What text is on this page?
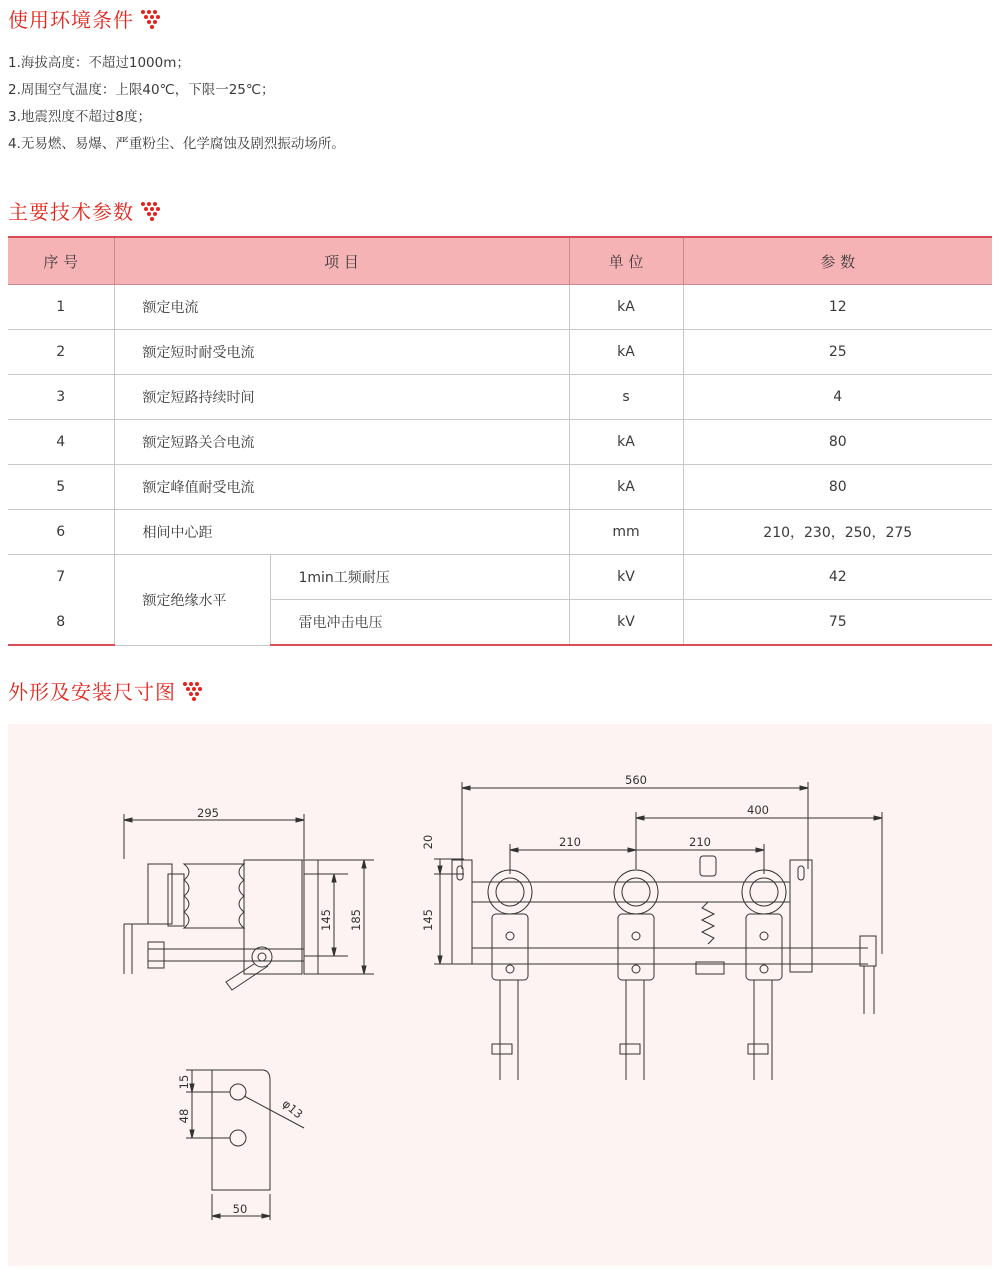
使用环境条件
1.海拔高度：不超过1000m；
2.周围空气温度：上限40℃，下限一25℃；
3.地震烈度不超过8度；
4.无易燃、易爆、严重粉尘、化学腐蚀及剧烈振动场所。
主要技术参数
序 号	项 目		单 位	参 数
1	额定电流		kA	12
2	额定短时耐受电流		kA	25
3	额定短路持续时间		s	4
4	额定短路关合电流		kA	80
5	额定峰值耐受电流		kA	80
6	相间中心距		mm	210，230，250，275
7	额定绝缘水平	1min工频耐压	kV	42
8		雷电冲击电压	kV	75
外形及安装尺寸图
295
145 185
560
400
210	210
20
145
15
48
50
φ13
